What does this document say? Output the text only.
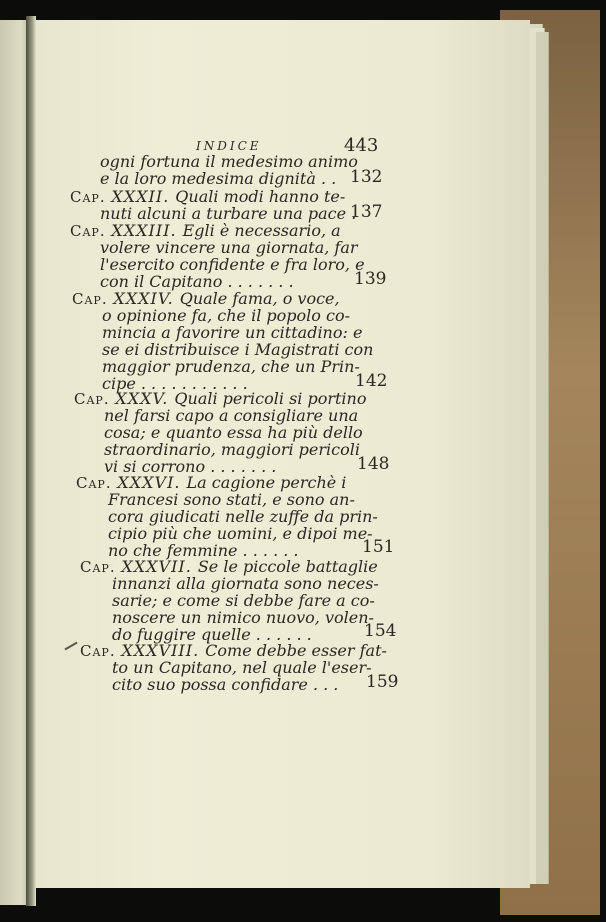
INDICE	443
ogni fortuna il medesimo animo
e la loro medesima dignità . . 132
Cap. XXXII. Quali modi hanno te-
nuti alcuni a turbare una pace .
137
Cap. XXXIII. Egli è necessario, a
volere vincere una giornata, far
l'esercito confidente e fra loro, e
con il Capitano . . . . . . .	139
Cap. XXXIV. Quale fama, o voce,
o opinione fa, che il popolo co-
mincia a favorire un cittadino: e
se ei distribuisce i Magistrati con
maggior prudenza, che un Prin-
cipe . . . . . . . . . . .	142
Cap. XXXV. Quali pericoli si portino
nel farsi capo a consigliare una
cosa; e quanto essa ha più dello
straordinario, maggiori pericoli
vi si corrono . . . . . . .	148
Cap. XXXVI. La cagione perchè i
Francesi sono stati, e sono an-
cora giudicati nelle zuffe da prin-
cipio più che uomini, e dipoi me-
no che femmine . . . . . .	151
Cap. XXXVII. Se le piccole battaglie
innanzi alla giornata sono neces-
sarie; e come si debbe fare a co-
noscere un nimico nuovo, volen-
do fuggire quelle . . . . . .	154
Cap. XXXVIII. Come debbe esser fat-
to un Capitano, nel quale l'eser-
cito suo possa confidare . . . 159
